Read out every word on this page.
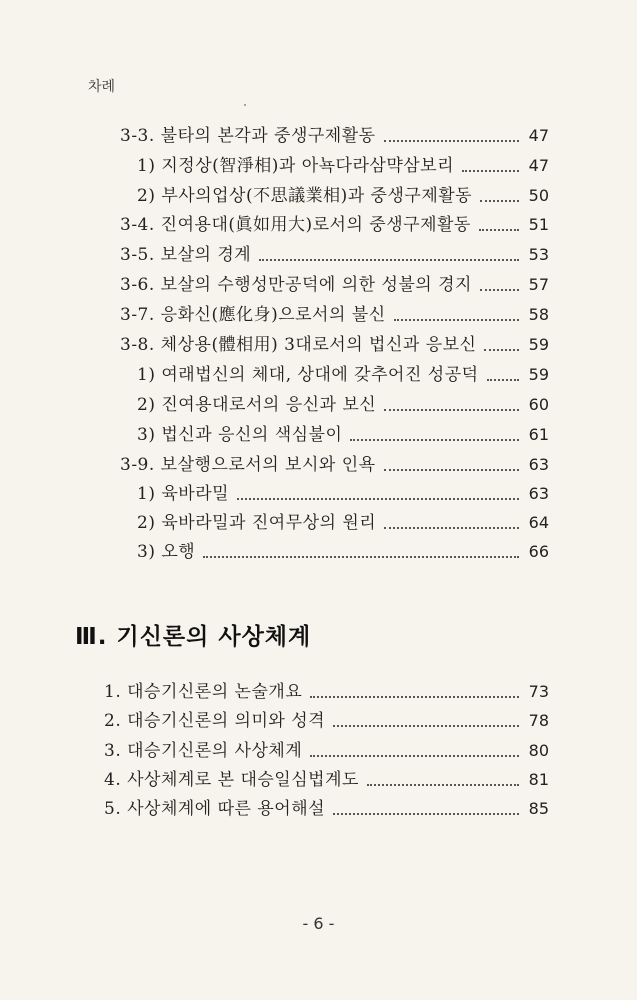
차례
3-3. 불타의 본각과 중생구제활동	47
1) 지정상(智淨相)과 아뇩다라삼먁삼보리	47
2) 부사의업상(不思議業相)과 중생구제활동	50
3-4. 진여용대(眞如用大)로서의 중생구제활동	51
3-5. 보살의 경계	53
3-6. 보살의 수행성만공덕에 의한 성불의 경지	57
3-7. 응화신(應化身)으로서의 불신	58
3-8. 체상용(體相用) 3대로서의 법신과 응보신	59
1) 여래법신의 체대, 상대에 갖추어진 성공덕	59
2) 진여용대로서의 응신과 보신	60
3) 법신과 응신의 색심불이	61
3-9. 보살행으로서의 보시와 인욕	63
1) 육바라밀	63
2) 육바라밀과 진여무상의 원리	64
3) 오행	66
Ⅲ. 기신론의 사상체계
1. 대승기신론의 논술개요	73
2. 대승기신론의 의미와 성격	78
3. 대승기신론의 사상체계	80
4. 사상체계로 본 대승일심법계도	81
5. 사상체계에 따른 용어해설	85
- 6 -
